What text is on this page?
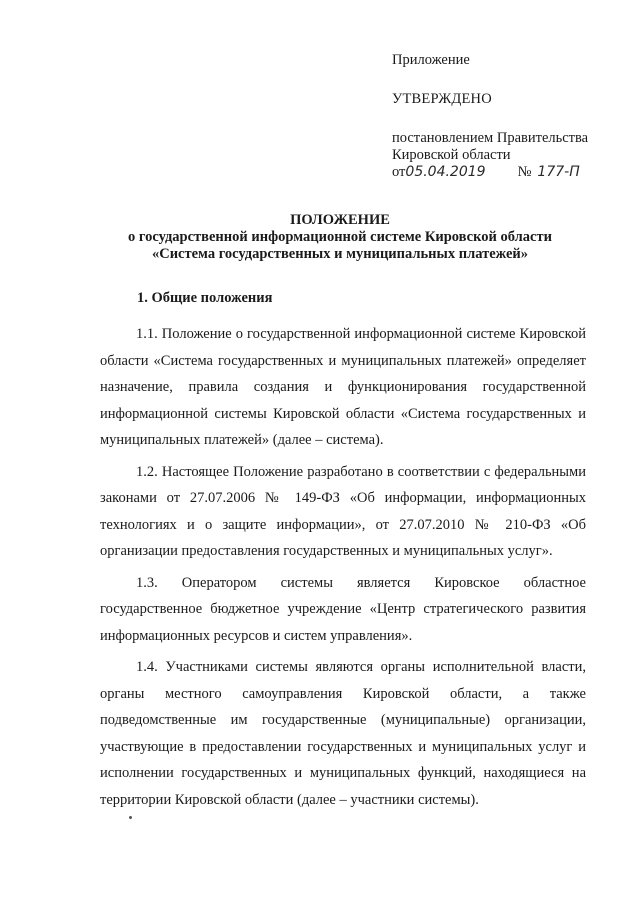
Приложение

УТВЕРЖДЕНО

постановлением Правительства

Кировской области

от 05.04.2019 № 177-П

ПОЛОЖЕНИЕ

о государственной информационной системе Кировской области

«Система государственных и муниципальных платежей»

1. Общие положения

1.1. Положение о государственной информационной системе Кировской области «Система государственных и муниципальных платежей» определяет назначение, правила создания и функционирования государственной информационной системы Кировской области «Система государственных и муниципальных платежей» (далее – система).

1.2. Настоящее Положение разработано в соответствии с федеральными законами от 27.07.2006 № 149-ФЗ «Об информации, информационных технологиях и о защите информации», от 27.07.2010 № 210-ФЗ «Об организации предоставления государственных и муниципальных услуг».

1.3. Оператором системы является Кировское областное государственное бюджетное учреждение «Центр стратегического развития информационных ресурсов и систем управления».

1.4. Участниками системы являются органы исполнительной власти, органы местного самоуправления Кировской области, а также подведомственные им государственные (муниципальные) организации, участвующие в предоставлении государственных и муниципальных услуг и исполнении государственных и муниципальных функций, находящиеся на территории Кировской области (далее – участники системы).
